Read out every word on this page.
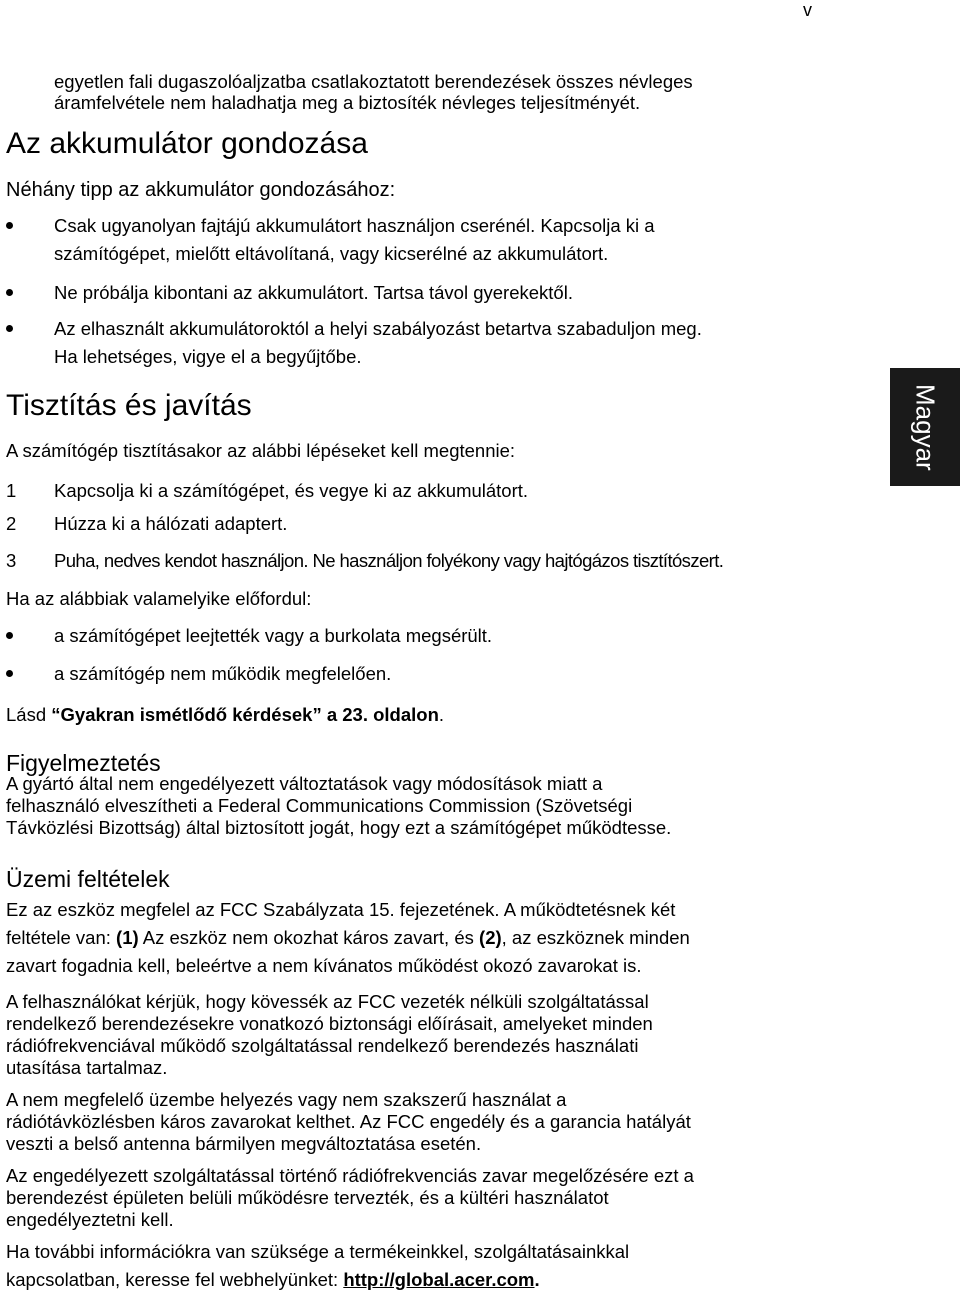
v
Magyar
egyetlen fali dugaszolóaljzatba csatlakoztatott berendezések összes névleges
áramfelvétele nem haladhatja meg a biztosíték névleges teljesítményét.
Az akkumulátor gondozása
Néhány tipp az akkumulátor gondozásához:
Csak ugyanolyan fajtájú akkumulátort használjon cserénél. Kapcsolja ki a
számítógépet, mielőtt eltávolítaná, vagy kicserélné az akkumulátort.
Ne próbálja kibontani az akkumulátort. Tartsa távol gyerekektől.
Az elhasznált akkumulátoroktól a helyi szabályozást betartva szabaduljon meg.
Ha lehetséges, vigye el a begyűjtőbe.
Tisztítás és javítás
A számítógép tisztításakor az alábbi lépéseket kell megtennie:
1 Kapcsolja ki a számítógépet, és vegye ki az akkumulátort.
2 Húzza ki a hálózati adaptert.
3 Puha, nedves kendot használjon. Ne használjon folyékony vagy hajtógázos tisztítószert.
Ha az alábbiak valamelyike előfordul:
a számítógépet leejtették vagy a burkolata megsérült.
a számítógép nem működik megfelelően.
Lásd “Gyakran ismétlődő kérdések” a 23. oldalon.
Figyelmeztetés
A gyártó által nem engedélyezett változtatások vagy módosítások miatt a
felhasználó elveszítheti a Federal Communications Commission (Szövetségi
Távközlési Bizottság) által biztosított jogát, hogy ezt a számítógépet működtesse.
Üzemi feltételek
Ez az eszköz megfelel az FCC Szabályzata 15. fejezetének. A működtetésnek két
feltétele van: (1) Az eszköz nem okozhat káros zavart, és (2), az eszköznek minden
zavart fogadnia kell, beleértve a nem kívánatos működést okozó zavarokat is.
A felhasználókat kérjük, hogy kövessék az FCC vezeték nélküli szolgáltatással
rendelkező berendezésekre vonatkozó biztonsági előírásait, amelyeket minden
rádiófrekvenciával működő szolgáltatással rendelkező berendezés használati
utasítása tartalmaz.
A nem megfelelő üzembe helyezés vagy nem szakszerű használat a
rádiótávközlésben káros zavarokat kelthet. Az FCC engedély és a garancia hatályát
veszti a belső antenna bármilyen megváltoztatása esetén.
Az engedélyezett szolgáltatással történő rádiófrekvenciás zavar megelőzésére ezt a
berendezést épületen belüli működésre tervezték, és a kültéri használatot
engedélyeztetni kell.
Ha további információkra van szüksége a termékeinkkel, szolgáltatásainkkal
kapcsolatban, keresse fel webhelyünket: http://global.acer.com.
